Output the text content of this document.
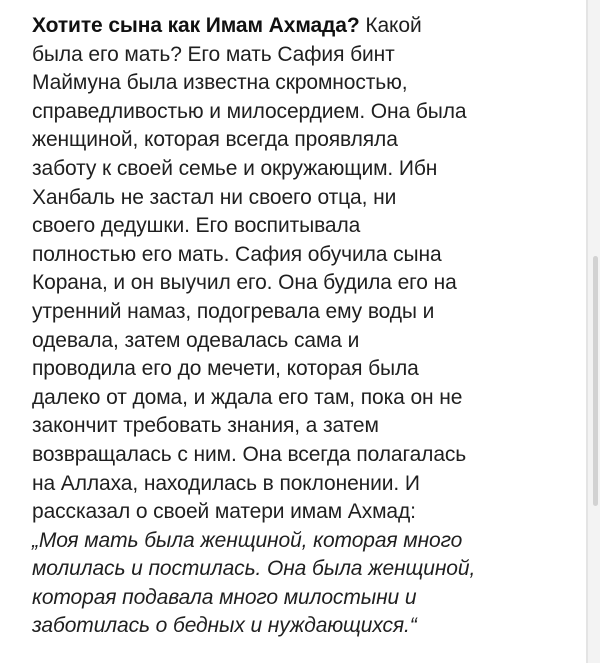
Хотите сына как Имам Ахмада? Какой
была его мать? Его мать Сафия бинт
Маймуна была известна скромностью,
справедливостью и милосердием. Она была
женщиной, которая всегда проявляла
заботу к своей семье и окружающим. Ибн
Ханбаль не застал ни своего отца, ни
своего дедушки. Его воспитывала
полностью его мать. Сафия обучила сына
Корана, и он выучил его. Она будила его на
утренний намаз, подогревала ему воды и
одевала, затем одевалась сама и
проводила его до мечети, которая была
далеко от дома, и ждала его там, пока он не
закончит требовать знания, а затем
возвращалась с ним. Она всегда полагалась
на Аллаха, находилась в поклонении. И
рассказал о своей матери имам Ахмад:
„Моя мать была женщиной, которая много
молилась и постилась. Она была женщиной,
которая подавала много милостыни и
заботилась о бедных и нуждающихся.“
